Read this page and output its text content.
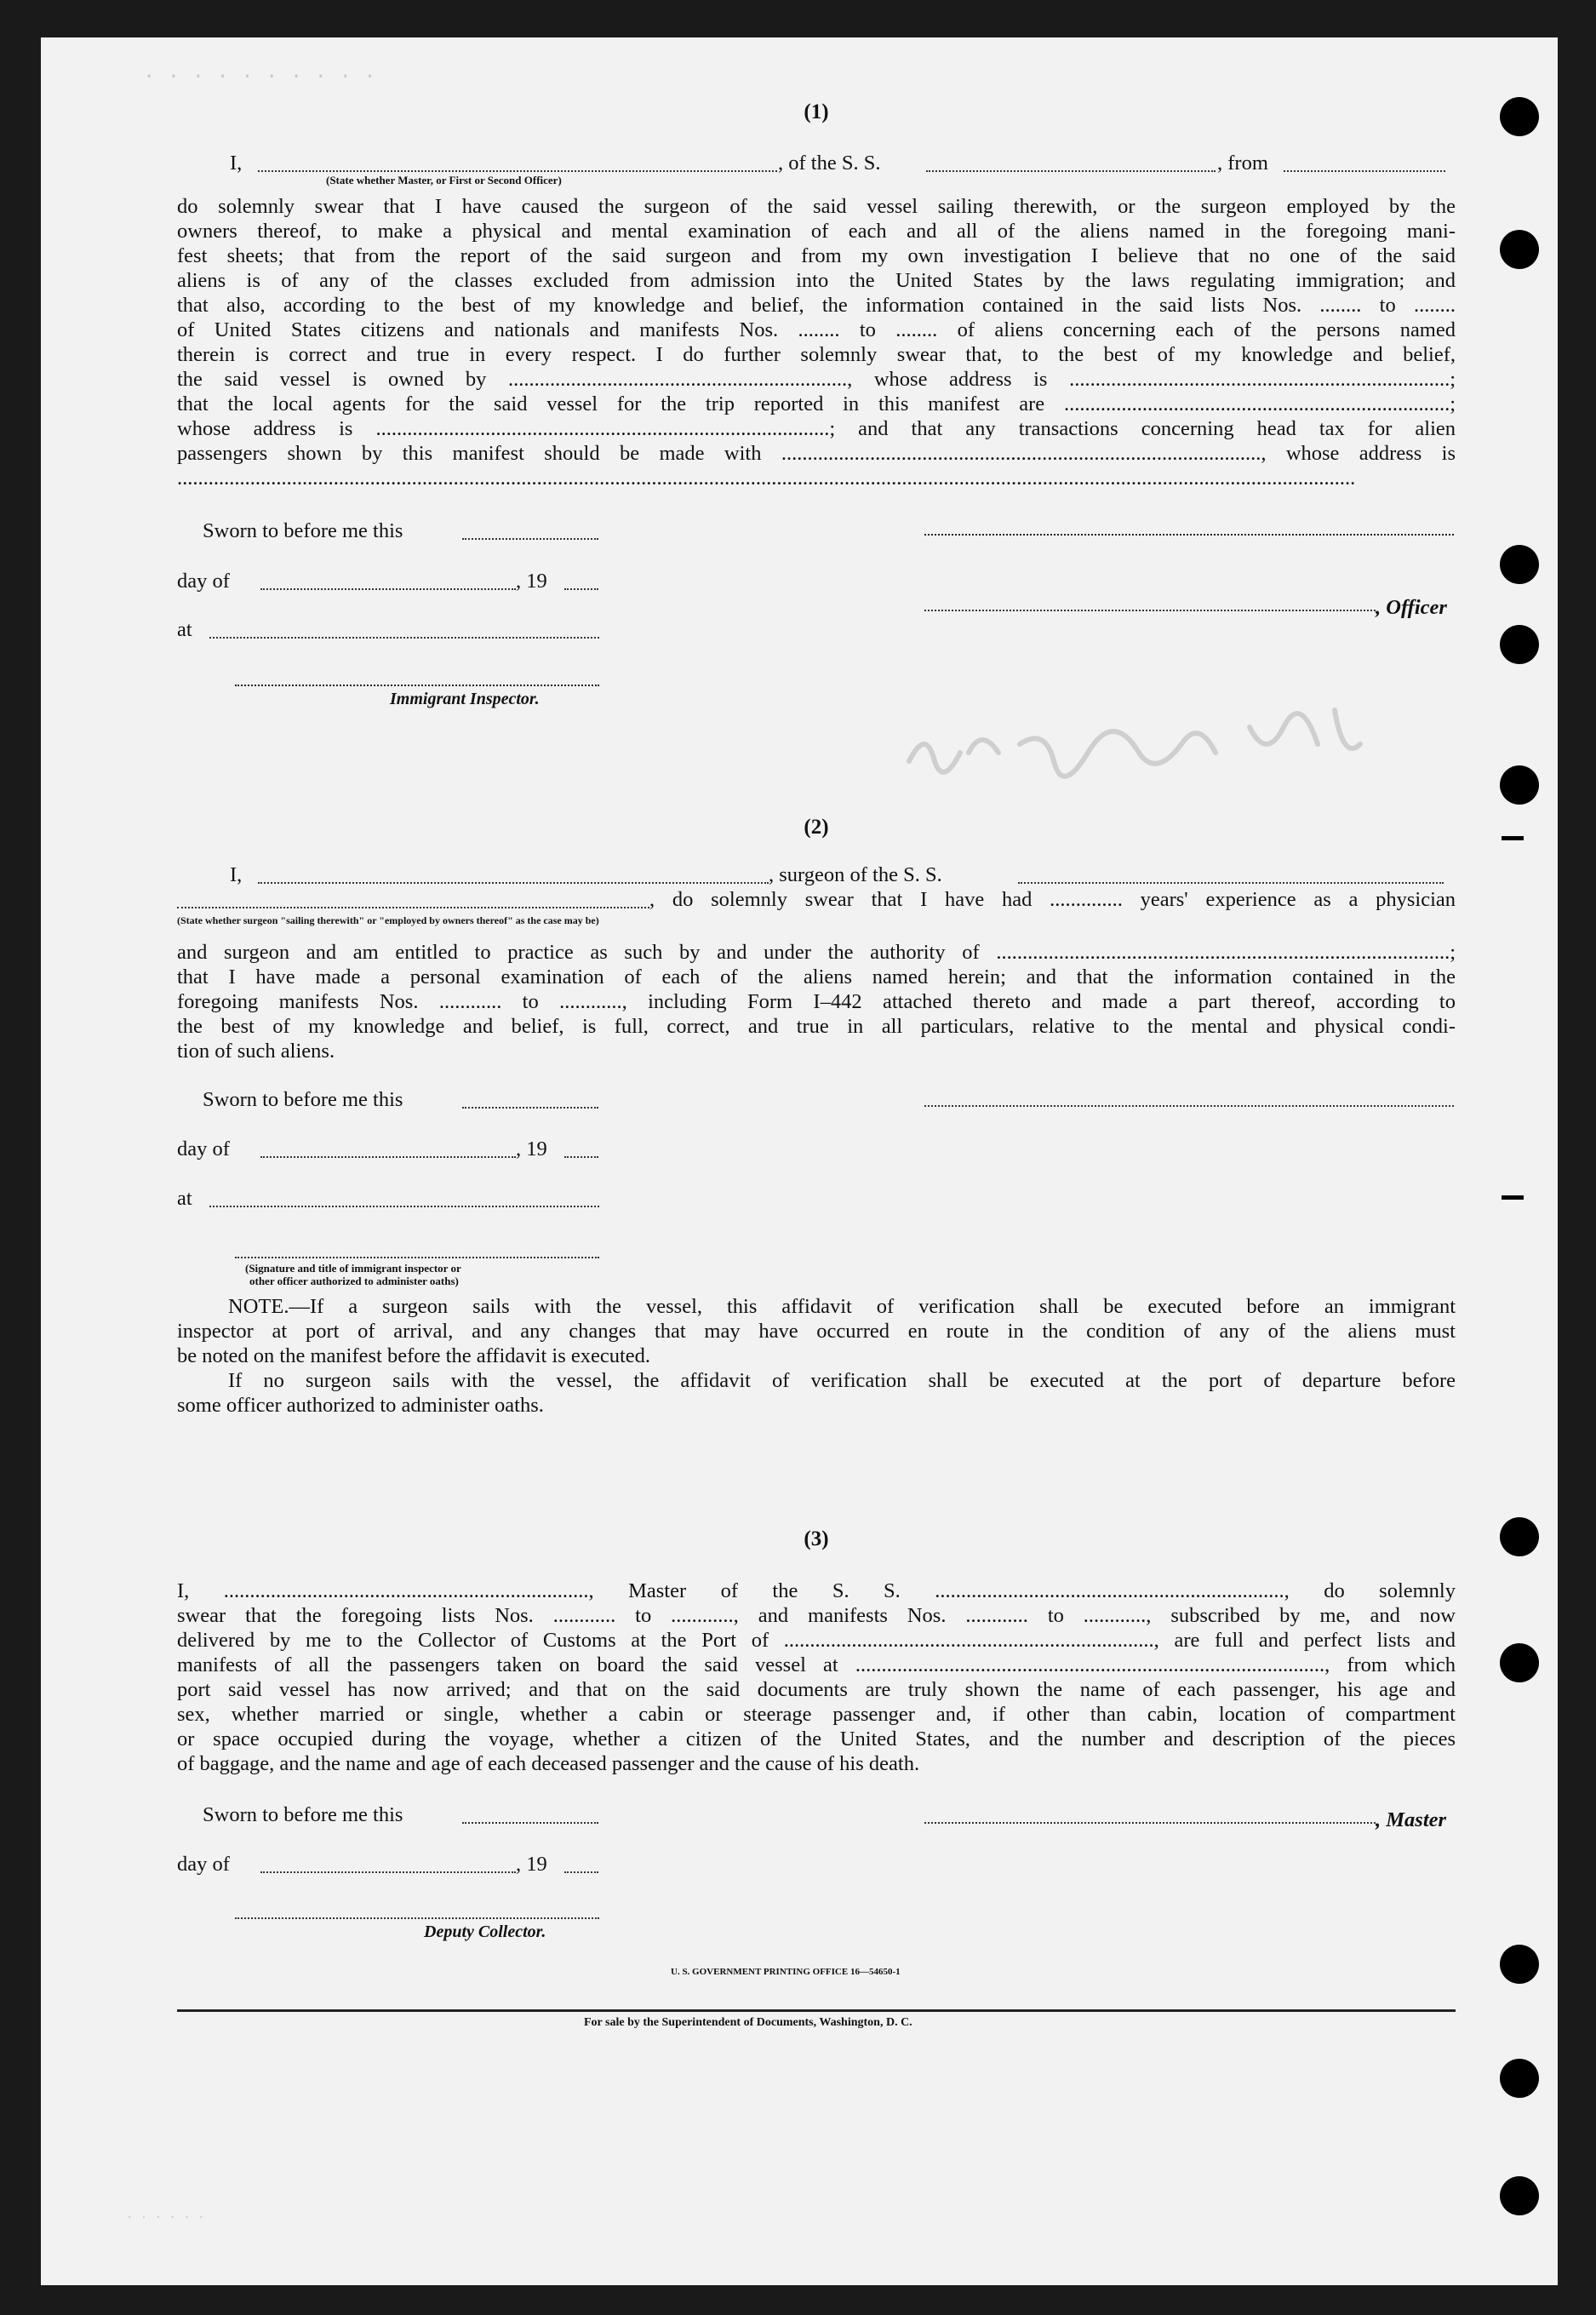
. . . . . . . . . .
(1)
I,	, of the S. S.	, from
(State whether Master, or First or Second Officer)
do solemnly swear that I have caused the surgeon of the said vessel sailing therewith, or the surgeon employed by the
owners thereof, to make a physical and mental examination of each and all of the aliens named in the foregoing mani-
fest sheets; that from the report of the said surgeon and from my own investigation I believe that no one of the said
aliens is of any of the classes excluded from admission into the United States by the laws regulating immigration; and
that also, according to the best of my knowledge and belief, the information contained in the said lists Nos. ........ to ........
of United States citizens and nationals and manifests Nos. ........ to ........ of aliens concerning each of the persons named
therein is correct and true in every respect. I do further solemnly swear that, to the best of my knowledge and belief,
the said vessel is owned by ................................................................., whose address is .........................................................................;
that the local agents for the said vessel for the trip reported in this manifest are ..........................................................................;
whose address is .......................................................................................; and that any transactions concerning head tax for alien
passengers shown by this manifest should be made with ............................................................................................, whose address is
..................................................................................................................................................................................................................................
Sworn to before me this
day of	, 19
, Officer
at
Immigrant Inspector.
(2)
I,	, surgeon of the S. S.
, do solemnly swear that I have had .............. years' experience as a physician
(State whether surgeon "sailing therewith" or "employed by owners thereof" as the case may be)
and surgeon and am entitled to practice as such by and under the authority of .......................................................................................;
that I have made a personal examination of each of the aliens named herein; and that the information contained in the
foregoing manifests Nos. ............ to ............, including Form I–442 attached thereto and made a part thereof, according to
the best of my knowledge and belief, is full, correct, and true in all particulars, relative to the mental and physical condi-
tion of such aliens.
Sworn to before me this
day of	, 19
at
(Signature and title of immigrant inspector or
other officer authorized to administer oaths)
NOTE.—If a surgeon sails with the vessel, this affidavit of verification shall be executed before an immigrant
inspector at port of arrival, and any changes that may have occurred en route in the condition of any of the aliens must
be noted on the manifest before the affidavit is executed.
If no surgeon sails with the vessel, the affidavit of verification shall be executed at the port of departure before
some officer authorized to administer oaths.
(3)
I, ......................................................................, Master of the S. S. ..................................................................., do solemnly
swear that the foregoing lists Nos. ............ to ............, and manifests Nos. ............ to ............, subscribed by me, and now
delivered by me to the Collector of Customs at the Port of ......................................................................., are full and perfect lists and
manifests of all the passengers taken on board the said vessel at .........................................................................................., from which
port said vessel has now arrived; and that on the said documents are truly shown the name of each passenger, his age and
sex, whether married or single, whether a cabin or steerage passenger and, if other than cabin, location of compartment
or space occupied during the voyage, whether a citizen of the United States, and the number and description of the pieces
of baggage, and the name and age of each deceased passenger and the cause of his death.
Sworn to before me this	, Master
day of	, 19
Deputy Collector.
U. S. GOVERNMENT PRINTING OFFICE 16—54650-1
For sale by the Superintendent of Documents, Washington, D. C.
. . . . . .
